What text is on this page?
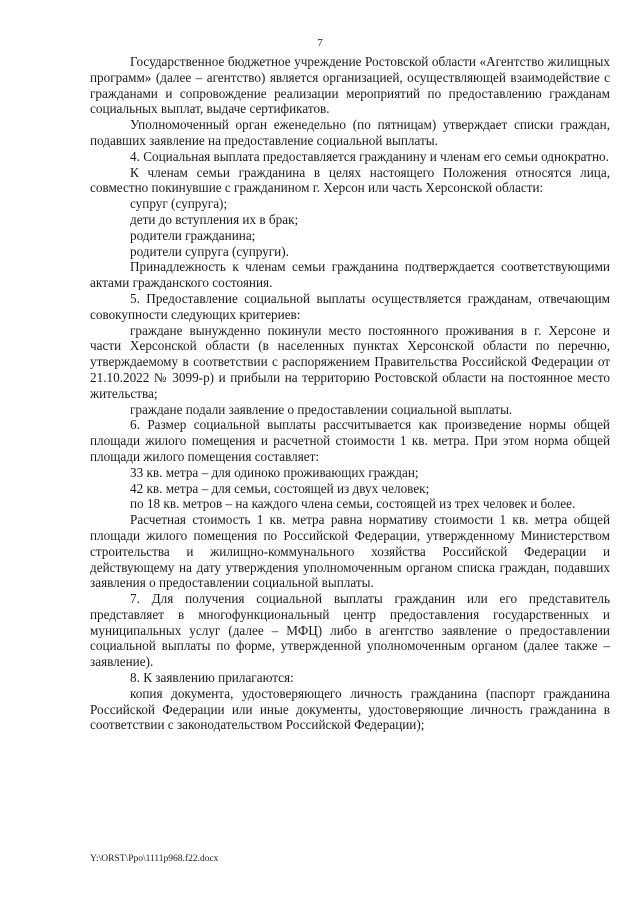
7

Государственное бюджетное учреждение Ростовской области «Агентство жилищных программ» (далее – агентство) является организацией, осуществляющей взаимодействие с гражданами и сопровождение реализации мероприятий по предоставлению гражданам социальных выплат, выдаче сертификатов.

Уполномоченный орган еженедельно (по пятницам) утверждает списки граждан, подавших заявление на предоставление социальной выплаты.

4. Социальная выплата предоставляется гражданину и членам его семьи однократно.

К членам семьи гражданина в целях настоящего Положения относятся лица, совместно покинувшие с гражданином г. Херсон или часть Херсонской области:

супруг (супруга);

дети до вступления их в брак;

родители гражданина;

родители супруга (супруги).

Принадлежность к членам семьи гражданина подтверждается соответствующими актами гражданского состояния.

5. Предоставление социальной выплаты осуществляется гражданам, отвечающим совокупности следующих критериев:

граждане вынужденно покинули место постоянного проживания в г. Херсоне и части Херсонской области (в населенных пунктах Херсонской области по перечню, утверждаемому в соответствии с распоряжением Правительства Российской Федерации от 21.10.2022 № 3099-р) и прибыли на территорию Ростовской области на постоянное место жительства;

граждане подали заявление о предоставлении социальной выплаты.

6. Размер социальной выплаты рассчитывается как произведение нормы общей площади жилого помещения и расчетной стоимости 1 кв. метра. При этом норма общей площади жилого помещения составляет:

33 кв. метра – для одиноко проживающих граждан;

42 кв. метра – для семьи, состоящей из двух человек;

по 18 кв. метров – на каждого члена семьи, состоящей из трех человек и более.

Расчетная стоимость 1 кв. метра равна нормативу стоимости 1 кв. метра общей площади жилого помещения по Российской Федерации, утвержденному Министерством строительства и жилищно-коммунального хозяйства Российской Федерации и действующему на дату утверждения уполномоченным органом списка граждан, подавших заявления о предоставлении социальной выплаты.

7. Для получения социальной выплаты гражданин или его представитель представляет в многофункциональный центр предоставления государственных и муниципальных услуг (далее – МФЦ) либо в агентство заявление о предоставлении социальной выплаты по форме, утвержденной уполномоченным органом (далее также – заявление).

8. К заявлению прилагаются:

копия документа, удостоверяющего личность гражданина (паспорт гражданина Российской Федерации или иные документы, удостоверяющие личность гражданина в соответствии с законодательством Российской Федерации);

Y:\ORST\Ppo\1111p968.f22.docx
